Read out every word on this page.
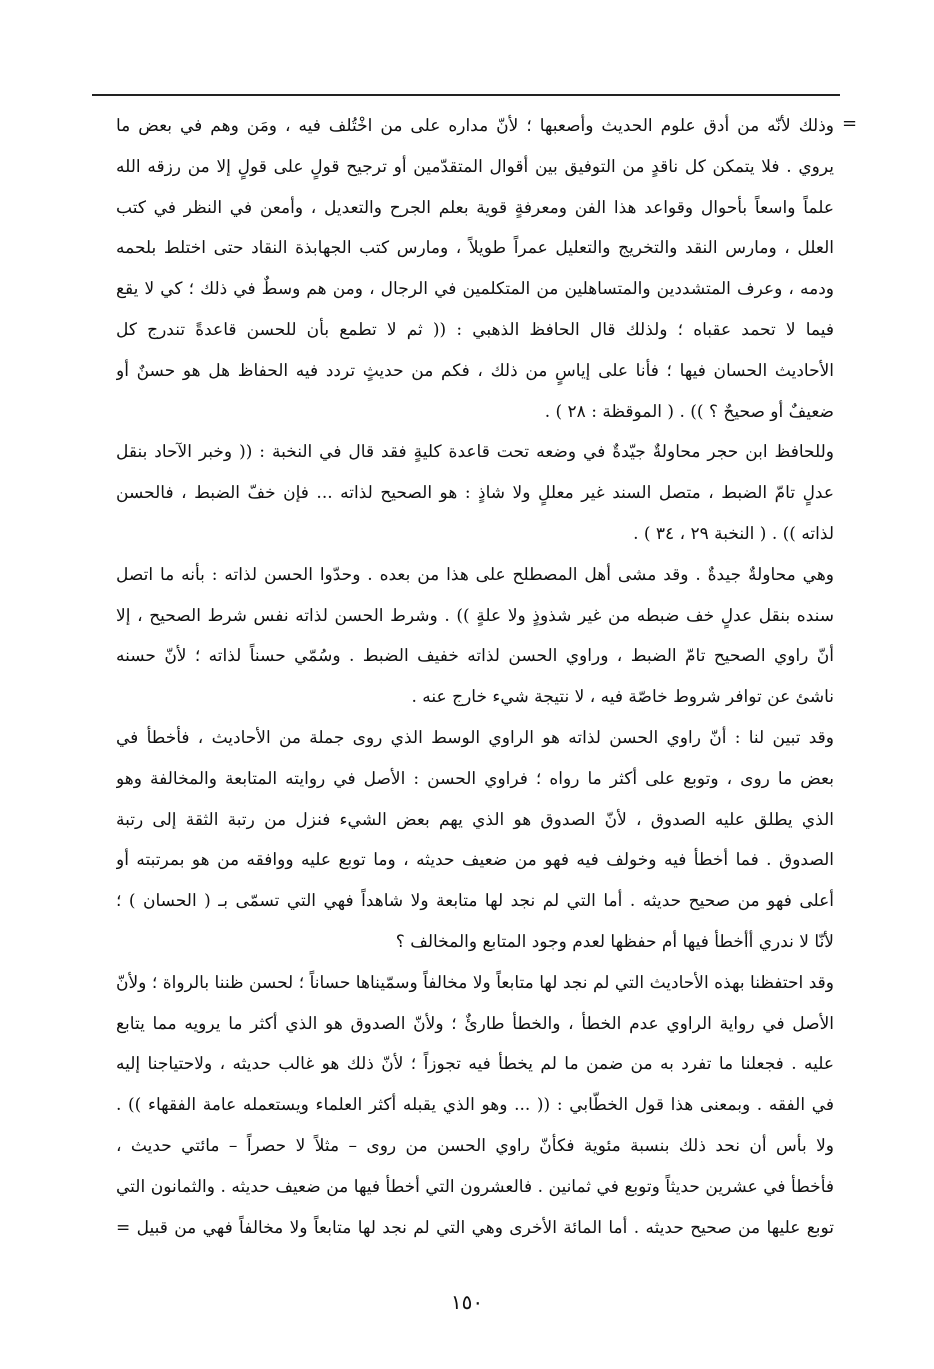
=
وذلك لأنّه من أدق علوم الحديث وأصعبها ؛ لأنّ مداره على من اخْتُلف فيه ، ومَن وهم في بعض ما
يروي . فلا يتمكن كل ناقدٍ من التوفيق بين أقوال المتقدّمين أو ترجيح قولٍ على قولٍ إلا من رزقه الله
علماً واسعاً بأحوال وقواعد هذا الفن ومعرفةٍ قوية بعلم الجرح والتعديل ، وأمعن في النظر في كتب
العلل ، ومارس النقد والتخريج والتعليل عمراً طويلاً ، ومارس كتب الجهابذة النقاد حتى اختلط بلحمه
ودمه ، وعرف المتشددين والمتساهلين من المتكلمين في الرجال ، ومن هم وسطٌ في ذلك ؛ كي لا يقع
فيما لا تحمد عقباه ؛ ولذلك قال الحافظ الذهبي : (( ثم لا تطمع بأن للحسن قاعدةً تندرج كل
الأحاديث الحسان فيها ؛ فأنا على إياسٍ من ذلك ، فكم من حديثٍ تردد فيه الحفاظ هل هو حسنٌ أو
ضعيفٌ أو صحيحٌ ؟ )) . ( الموقظة : ٢٨ ) .
وللحافظ ابن حجر محاولةٌ جيّدةٌ في وضعه تحت قاعدة كليةٍ فقد قال في النخبة : (( وخبر الآحاد بنقل
عدلٍ تامّ الضبط ، متصل السند غير معللٍ ولا شاذٍ : هو الصحيح لذاته ... فإن خفّ الضبط ، فالحسن
لذاته )) . ( النخبة ٢٩ ، ٣٤ ) .
وهي محاولةٌ جيدةٌ . وقد مشى أهل المصطلح على هذا من بعده . وحدّوا الحسن لذاته : بأنه ما اتصل
سنده بنقل عدلٍ خف ضبطه من غير شذوذٍ ولا علةٍ )) . وشرط الحسن لذاته نفس شرط الصحيح ، إلا
أنّ راوي الصحيح تامّ الضبط ، وراوي الحسن لذاته خفيف الضبط . وسُمّي حسناً لذاته ؛ لأنّ حسنه
ناشئ عن توافر شروط خاصّة فيه ، لا نتيجة شيء خارج عنه .
وقد تبين لنا : أنّ راوي الحسن لذاته هو الراوي الوسط الذي روى جملة من الأحاديث ، فأخطأ في
بعض ما روى ، وتوبع على أكثر ما رواه ؛ فراوي الحسن : الأصل في روايته المتابعة والمخالفة وهو
الذي يطلق عليه الصدوق ، لأنّ الصدوق هو الذي يهم بعض الشيء فنزل من رتبة الثقة إلى رتبة
الصدوق . فما أخطأ فيه وخولف فيه فهو من ضعيف حديثه ، وما توبع عليه ووافقه من هو بمرتبته أو
أعلى فهو من صحيح حديثه . أما التي لم نجد لها متابعة ولا شاهداً فهي التي تسمّى بـ ( الحسان ) ؛
لأنّا لا ندري أأخطأ فيها أم حفظها لعدم وجود المتابع والمخالف ؟
وقد احتفظنا بهذه الأحاديث التي لم نجد لها متابعاً ولا مخالفاً وسمّيناها حساناً ؛ لحسن ظننا بالرواة ؛ ولأنّ
الأصل في رواية الراوي عدم الخطأ ، والخطأ طارئٌ ؛ ولأنّ الصدوق هو الذي أكثر ما يرويه مما يتابع
عليه . فجعلنا ما تفرد به من ضمن ما لم يخطأ فيه تجوزاً ؛ لأنّ ذلك هو غالب حديثه ، ولاحتياجنا إليه
في الفقه . وبمعنى هذا قول الخطّابي : (( ... وهو الذي يقبله أكثر العلماء ويستعمله عامة الفقهاء )) .
ولا بأس أن نحد ذلك بنسبة مئوية فكأنّ راوي الحسن من روى – مثلاً لا حصراً – مائتي حديث ،
فأخطأ في عشرين حديثاً وتوبع في ثمانين . فالعشرون التي أخطأ فيها من ضعيف حديثه . والثمانون التي
توبع عليها من صحيح حديثه . أما المائة الأخرى وهي التي لم نجد لها متابعاً ولا مخالفاً فهي من قبيل =
١٥٠
